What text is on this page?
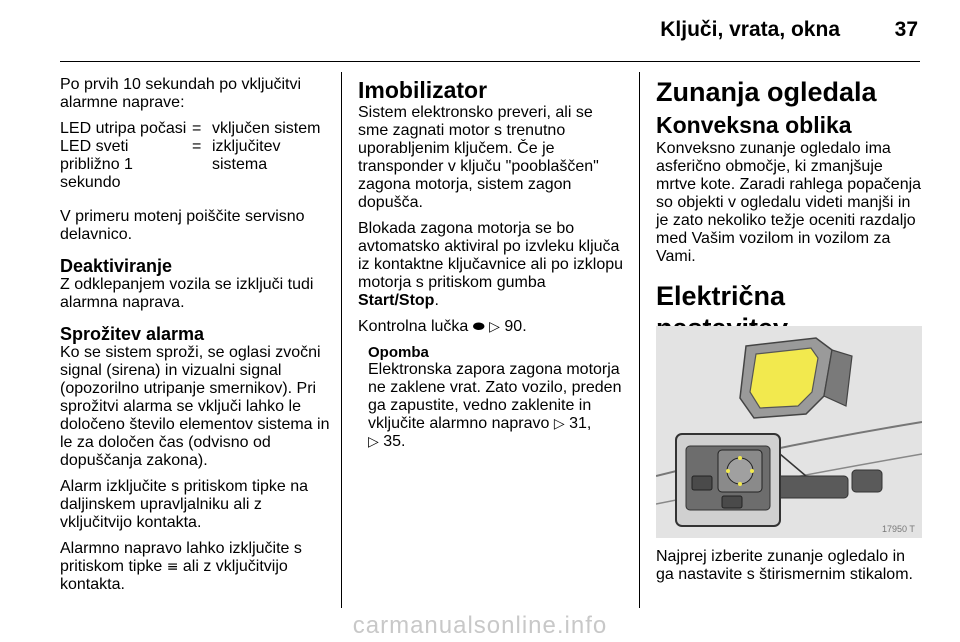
Ključi, vrata, okna	37

Po prvih 10 sekundah po vključitvi alarmne naprave:

LED utripa počasi = vključen sistem
LED sveti približno 1 sekundo
= izključitev sistema

V primeru motenj poiščite servisno delavnico.

Deaktiviranje

Z odklepanjem vozila se izključi tudi alarmna naprava.

Sprožitev alarma

Ko se sistem sproži, se oglasi zvočni signal (sirena) in vizualni signal (opozorilno utripanje smernikov). Pri sprožitvi alarma se vključi lahko le določeno število elementov sistema in le za določen čas (odvisno od dopuščanja zakona).

Alarm izključite s pritiskom tipke na daljinskem upravljalniku ali z vključitvijo kontakta.

Alarmno napravo lahko izključite s pritiskom tipke ≡ ali z vključitvijo kontakta.

Imobilizator

Sistem elektronsko preveri, ali se sme zagnati motor s trenutno uporabljenim ključem. Če je transponder v ključu "pooblaščen" zagona motorja, sistem zagon dopušča.

Blokada zagona motorja se bo avtomatsko aktiviral po izvleku ključa iz kontaktne ključavnice ali po izklopu motorja s pritiskom gumba Start/Stop.

Kontrolna lučka ⬬ ▷ 90.

Opomba
Elektronska zapora zagona motorja ne zaklene vrat. Zato vozilo, preden ga zapustite, vedno zaklenite in vključite alarmno napravo ▷ 31,
▷ 35.
Zunanja ogledala
Konveksna oblika

Konveksno zunanje ogledalo ima asferično območje, ki zmanjšuje mrtve kote. Zaradi rahlega popačenja so objekti v ogledalu videti manjši in je zato nekoliko težje oceniti razdaljo med Vašim vozilom in vozilom za Vami.

Električna
17950 T
Najprej izberite zunanje ogledalo in ga nastavite s štirismernim stikalom.
carmanualsonline.info
